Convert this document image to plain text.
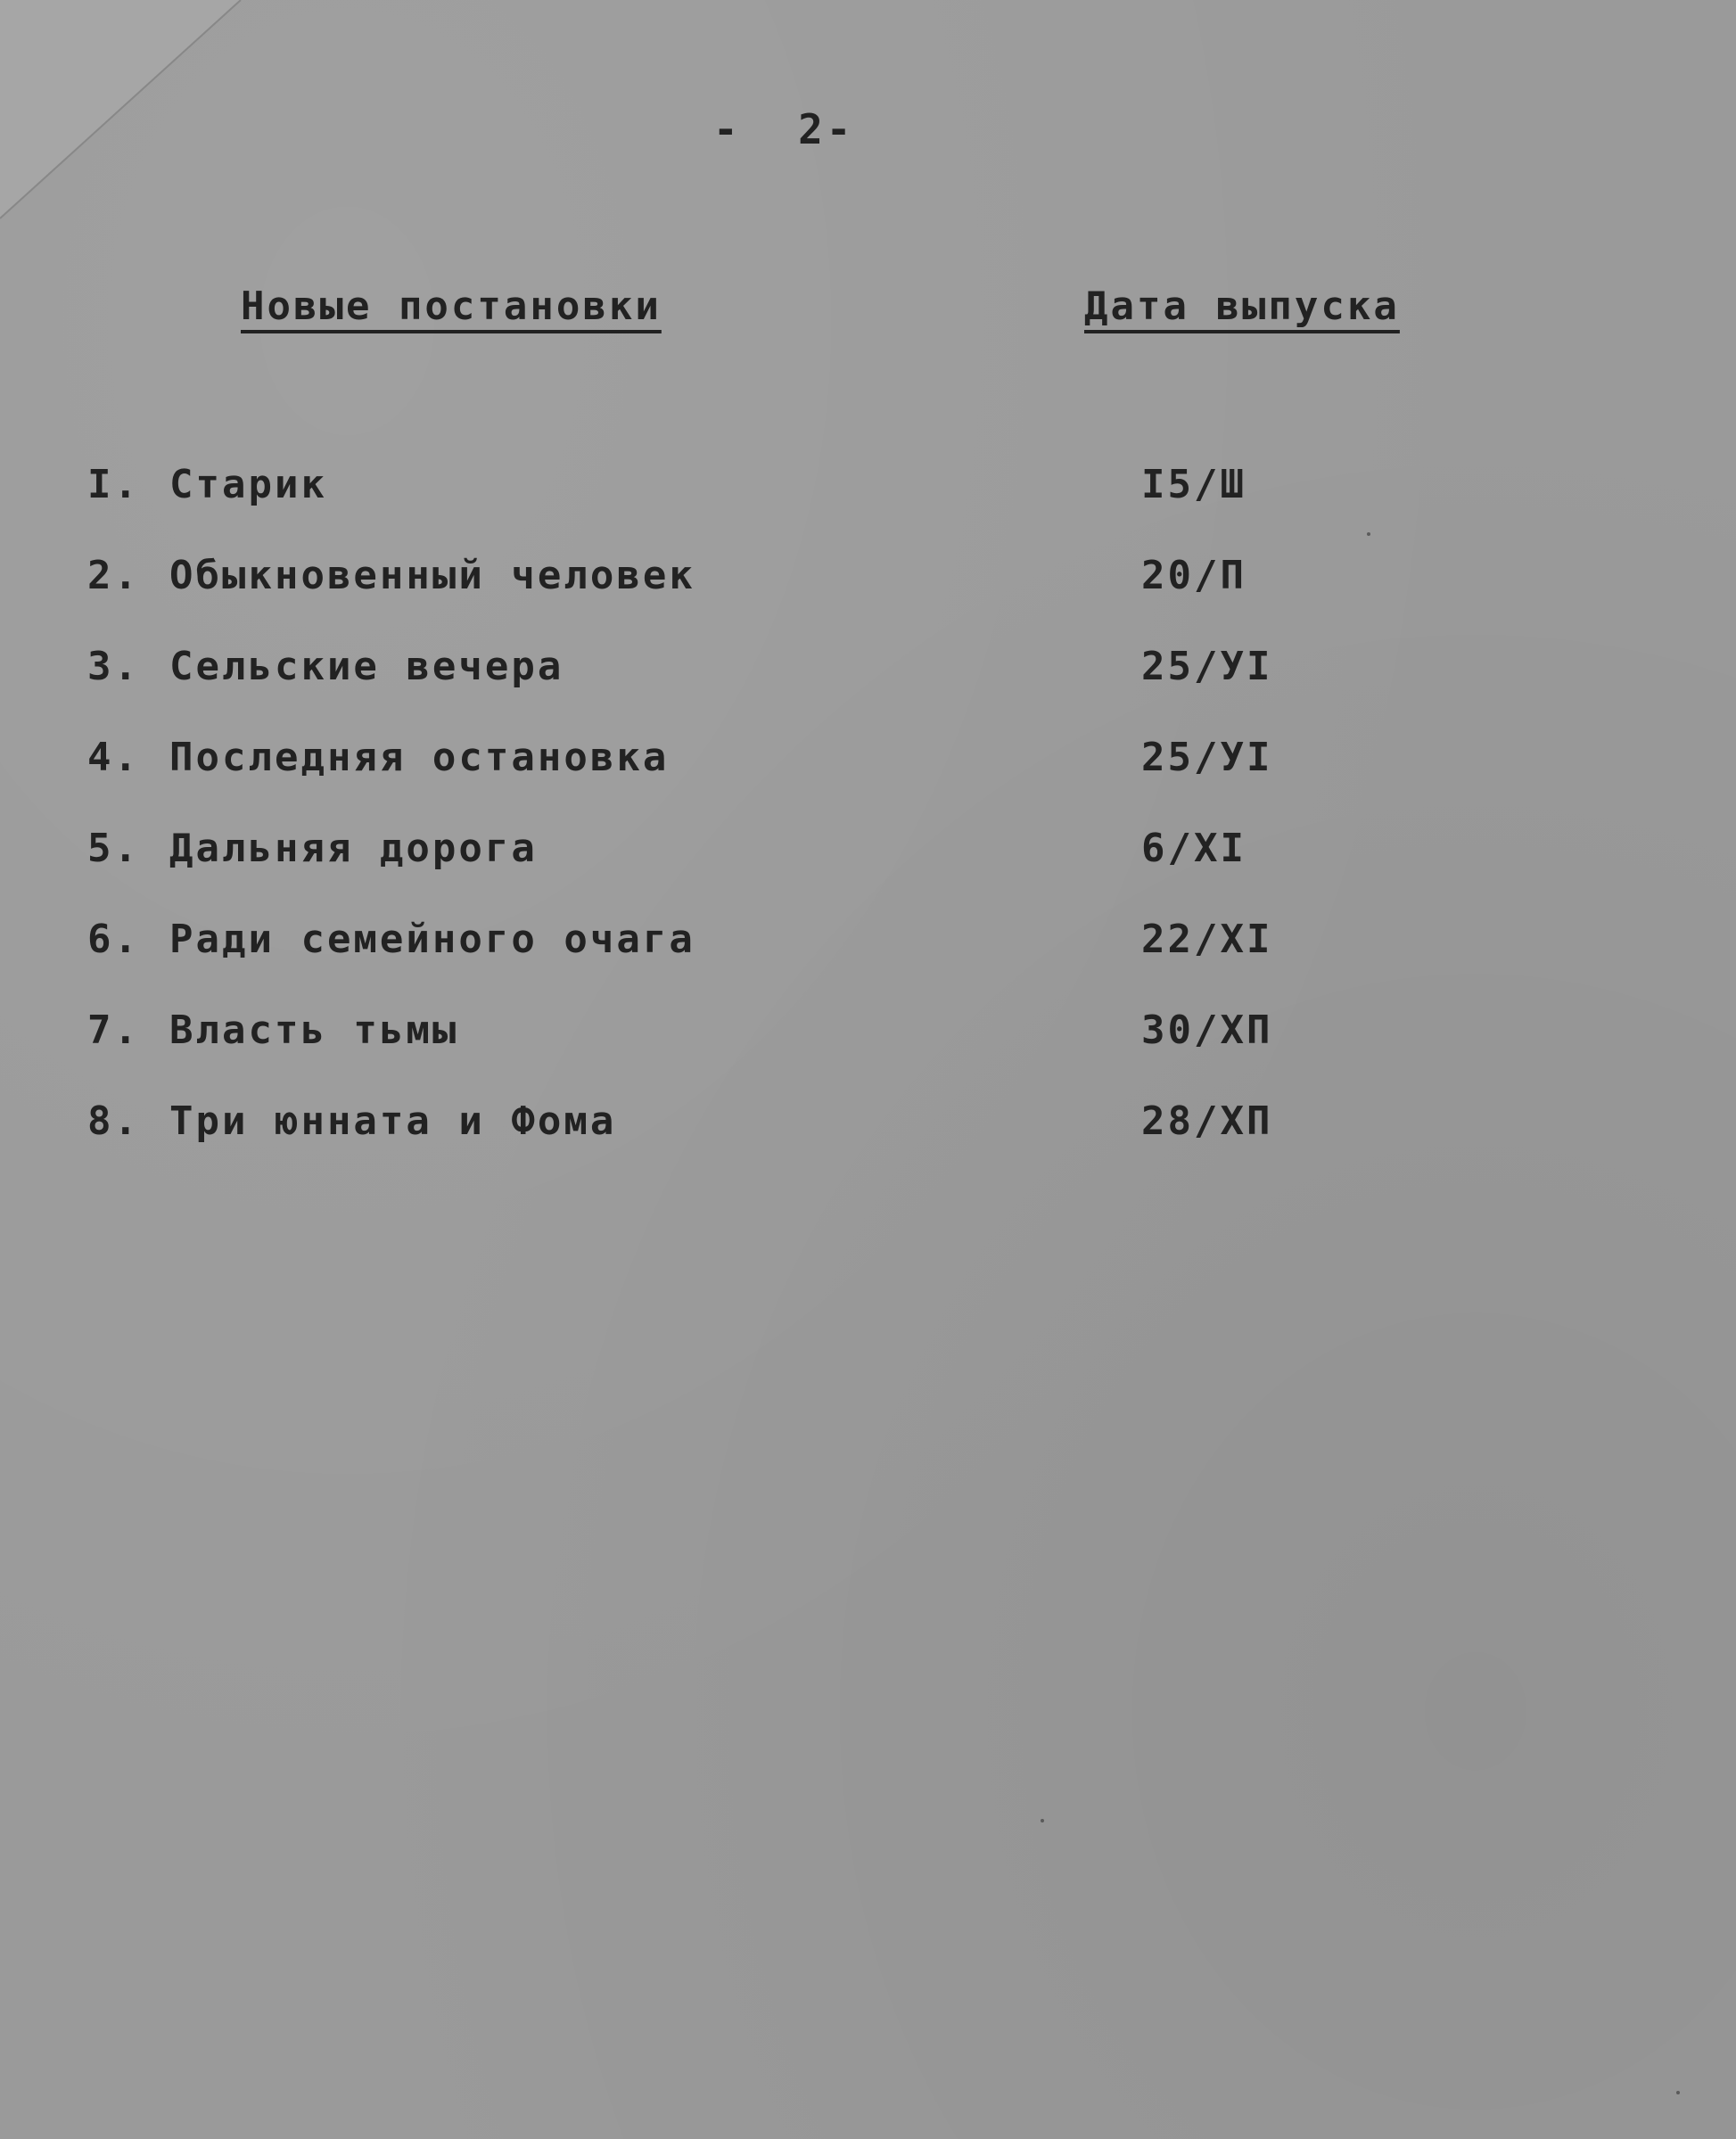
-  2-
Новые постановки	Дата выпуска
I. Старик	I5/Ш
2. Обыкновенный человек	20/П
3. Сельские вечера	25/УI
4. Последняя остановка	25/УI
5. Дальняя дорога	6/XI
6. Ради семейного очага	22/XI
7. Власть тьмы	30/XП
8. Три юнната и Фома	28/XП
